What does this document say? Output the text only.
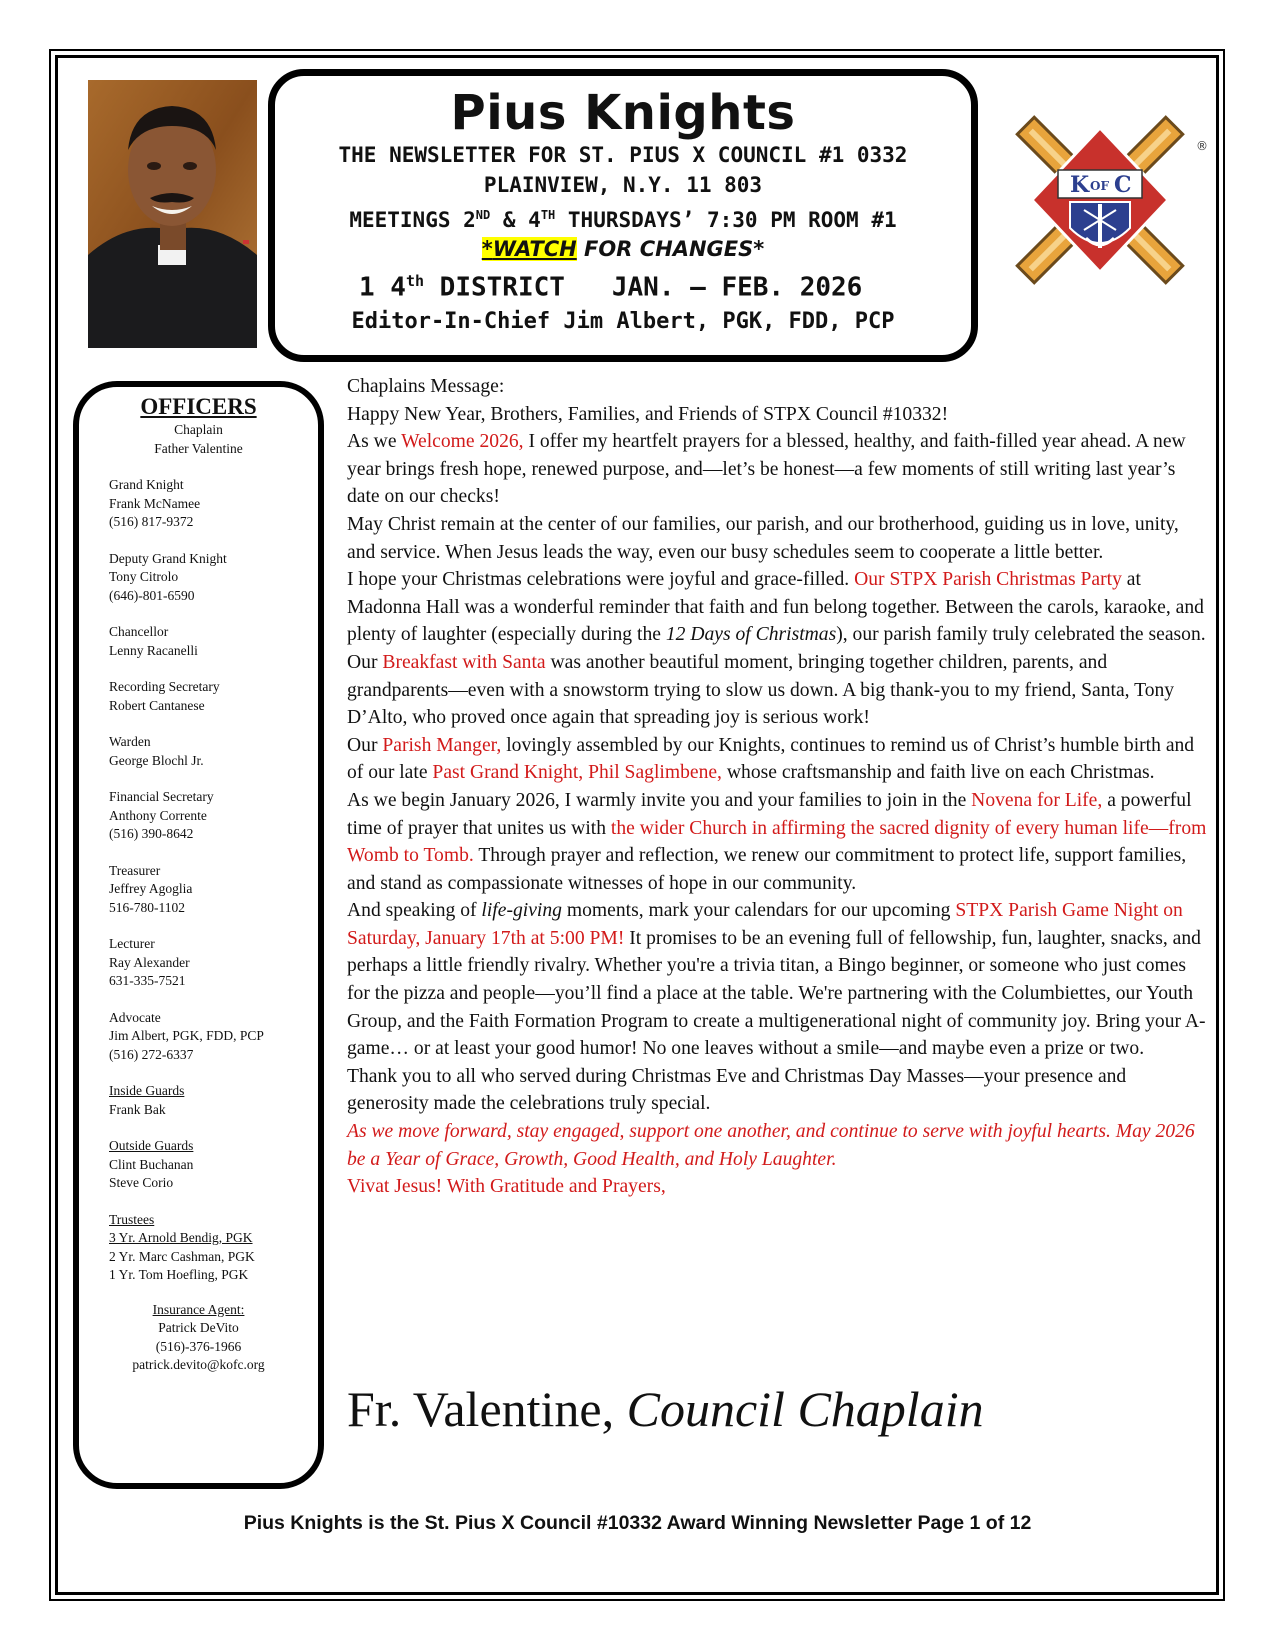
Pius Knights
THE NEWSLETTER FOR ST. PIUS X COUNCIL #1 0332
PLAINVIEW, N.Y. 11 803
MEETINGS 2ND & 4TH THURSDAYS’ 7:30 PM ROOM #1
*WATCH FOR CHANGES*
1 4th DISTRICT   JAN. – FEB. 2026
Editor-In-Chief Jim Albert, PGK, FDD, PCP
K OF C
®
OFFICERS
Chaplain
Father Valentine
Grand Knight
Frank McNamee
(516) 817-9372
Deputy Grand Knight
Tony Citrolo
(646)-801-6590
Chancellor
Lenny Racanelli
Recording Secretary
Robert Cantanese
Warden
George Blochl Jr.
Financial Secretary
Anthony Corrente
(516) 390-8642
Treasurer
Jeffrey Agoglia
516-780-1102
Lecturer
Ray Alexander
631-335-7521
Advocate
Jim Albert, PGK, FDD, PCP
(516) 272-6337
Inside Guards
Frank Bak
Outside Guards
Clint Buchanan
Steve Corio
Trustees
3 Yr. Arnold Bendig, PGK
2 Yr. Marc Cashman, PGK
1 Yr. Tom Hoefling, PGK
Insurance Agent:
Patrick DeVito
(516)-376-1966
patrick.devito@kofc.org

Chaplains Message:

Happy New Year, Brothers, Families, and Friends of STPX Council #10332!

As we Welcome 2026, I offer my heartfelt prayers for a blessed, healthy, and faith-filled year ahead. A new year brings fresh hope, renewed purpose, and—let’s be honest—a few moments of still writing last year’s date on our checks!

May Christ remain at the center of our families, our parish, and our brotherhood, guiding us in love, unity, and service. When Jesus leads the way, even our busy schedules seem to cooperate a little better.

I hope your Christmas celebrations were joyful and grace-filled. Our STPX Parish Christmas Party at Madonna Hall was a wonderful reminder that faith and fun belong together. Between the carols, karaoke, and plenty of laughter (especially during the 12 Days of Christmas), our parish family truly celebrated the season.

Our Breakfast with Santa was another beautiful moment, bringing together children, parents, and grandparents—even with a snowstorm trying to slow us down. A big thank-you to my friend, Santa, Tony D’Alto, who proved once again that spreading joy is serious work!

Our Parish Manger, lovingly assembled by our Knights, continues to remind us of Christ’s humble birth and of our late Past Grand Knight, Phil Saglimbene, whose craftsmanship and faith live on each Christmas.

As we begin January 2026, I warmly invite you and your families to join in the Novena for Life, a powerful time of prayer that unites us with the wider Church in affirming the sacred dignity of every human life—from Womb to Tomb. Through prayer and reflection, we renew our commitment to protect life, support families, and stand as compassionate witnesses of hope in our community.

And speaking of life-giving moments, mark your calendars for our upcoming STPX Parish Game Night on Saturday, January 17th at 5:00 PM! It promises to be an evening full of fellowship, fun, laughter, snacks, and perhaps a little friendly rivalry. Whether you're a trivia titan, a Bingo beginner, or someone who just comes for the pizza and people—you’ll find a place at the table. We're partnering with the Columbiettes, our Youth Group, and the Faith Formation Program to create a multigenerational night of community joy. Bring your A-game… or at least your good humor! No one leaves without a smile—and maybe even a prize or two.

Thank you to all who served during Christmas Eve and Christmas Day Masses—your presence and generosity made the celebrations truly special.

As we move forward, stay engaged, support one another, and continue to serve with joyful hearts. May 2026 be a Year of Grace, Growth, Good Health, and Holy Laughter.

Vivat Jesus! With Gratitude and Prayers,

Fr. Valentine, Council Chaplain
Pius Knights is the St. Pius X Council #10332 Award Winning Newsletter Page 1 of 12
